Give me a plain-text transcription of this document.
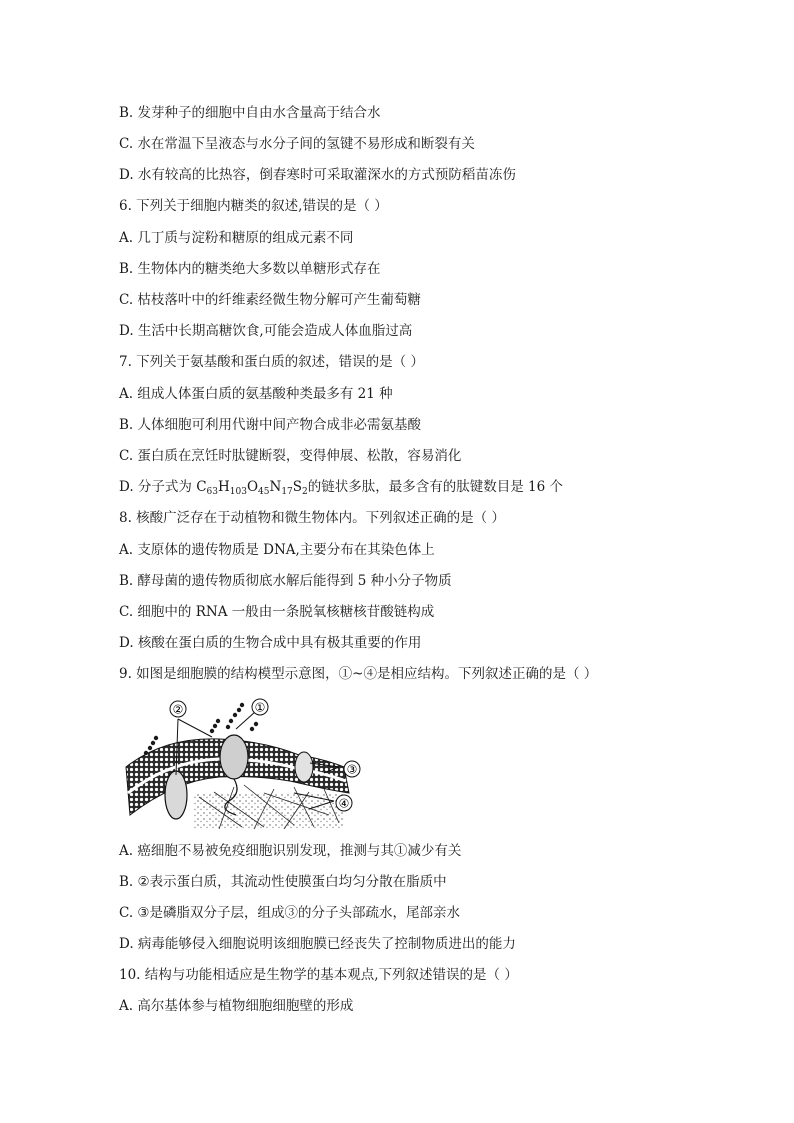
B. 发芽种子的细胞中自由水含量高于结合水
C. 水在常温下呈液态与水分子间的氢键不易形成和断裂有关
D. 水有较高的比热容，倒春寒时可采取灌深水的方式预防稻苗冻伤
6. 下列关于细胞内糖类的叙述,错误的是（ ）
A. 几丁质与淀粉和糖原的组成元素不同
B. 生物体内的糖类绝大多数以单糖形式存在
C. 枯枝落叶中的纤维素经微生物分解可产生葡萄糖
D. 生活中长期高糖饮食,可能会造成人体血脂过高
7. 下列关于氨基酸和蛋白质的叙述，错误的是（ ）
A. 组成人体蛋白质的氨基酸种类最多有 21 种
B. 人体细胞可利用代谢中间产物合成非必需氨基酸
C. 蛋白质在烹饪时肽键断裂，变得伸展、松散，容易消化
D. 分子式为 $C_{63}H_{103}O_{45}N_{17}S_2$的链状多肽，最多含有的肽键数目是 16 个
8. 核酸广泛存在于动植物和微生物体内。下列叙述正确的是（ ）
A. 支原体的遗传物质是 DNA,主要分布在其染色体上
B. 酵母菌的遗传物质彻底水解后能得到 5 种小分子物质
C. 细胞中的 RNA 一般由一条脱氧核糖核苷酸链构成
D. 核酸在蛋白质的生物合成中具有极其重要的作用
9. 如图是细胞膜的结构模型示意图，①~④是相应结构。下列叙述正确的是（ ）
②	①
③
④
A. 癌细胞不易被免疫细胞识别发现，推测与其①减少有关
B. ②表示蛋白质，其流动性使膜蛋白均匀分散在脂质中
C. ③是磷脂双分子层，组成③的分子头部疏水，尾部亲水
D. 病毒能够侵入细胞说明该细胞膜已经丧失了控制物质进出的能力
10. 结构与功能相适应是生物学的基本观点,下列叙述错误的是（ ）
A. 高尔基体参与植物细胞细胞壁的形成
